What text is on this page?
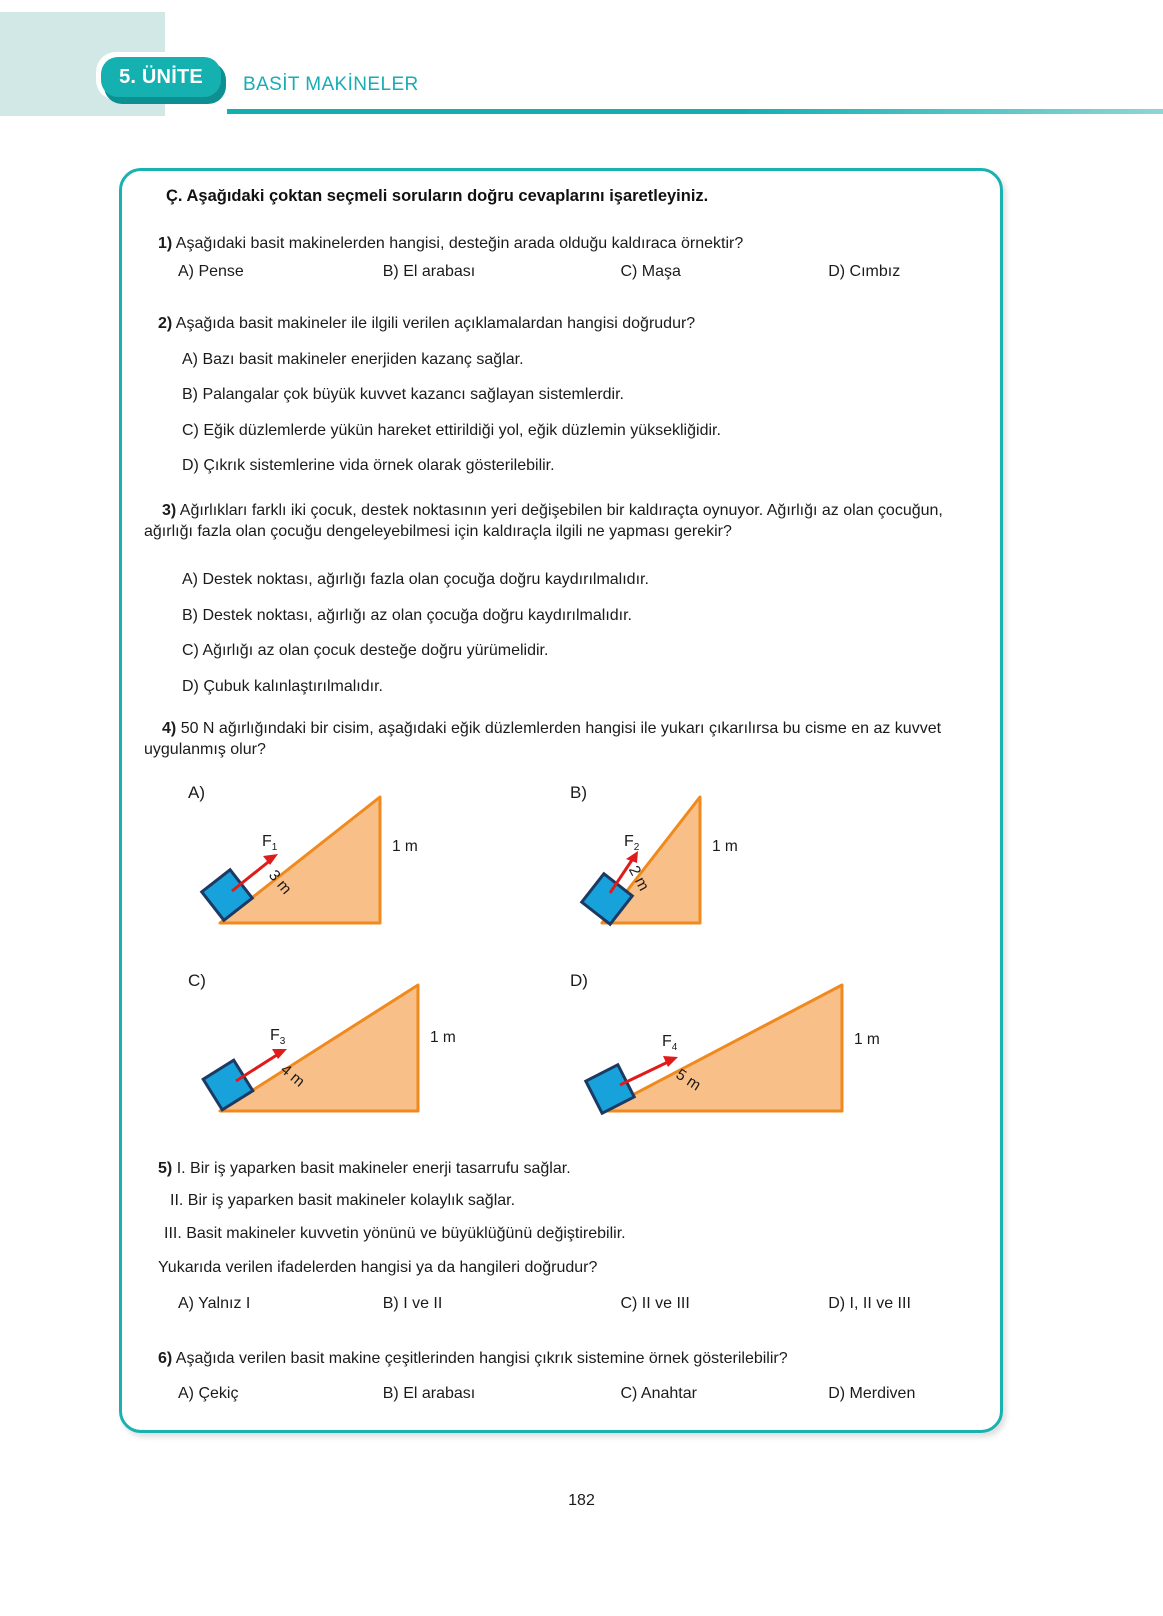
5. ÜNİTE BASİT MAKİNELER
Ç. Aşağıdaki çoktan seçmeli soruların doğru cevaplarını işaretleyiniz.
1) Aşağıdaki basit makinelerden hangisi, desteğin arada olduğu kaldıraca örnektir?
A) Pense	B) El arabası	C) Maşa	D) Cımbız
2) Aşağıda basit makineler ile ilgili verilen açıklamalardan hangisi doğrudur?
A) Bazı basit makineler enerjiden kazanç sağlar.
B) Palangalar çok büyük kuvvet kazancı sağlayan sistemlerdir.
C) Eğik düzlemlerde yükün hareket ettirildiği yol, eğik düzlemin yüksekliğidir.
D) Çıkrık sistemlerine vida örnek olarak gösterilebilir.
3) Ağırlıkları farklı iki çocuk, destek noktasının yeri değişebilen bir kaldıraçta oynuyor. Ağırlığı az olan çocuğun, ağırlığı fazla olan çocuğu dengeleyebilmesi için kaldıraçla ilgili ne yapması gerekir?
A) Destek noktası, ağırlığı fazla olan çocuğa doğru kaydırılmalıdır.
B) Destek noktası, ağırlığı az olan çocuğa doğru kaydırılmalıdır.
C) Ağırlığı az olan çocuk desteğe doğru yürümelidir.
D) Çubuk kalınlaştırılmalıdır.
4) 50 N ağırlığındaki bir cisim, aşağıdaki eğik düzlemlerden hangisi ile yukarı çıkarılırsa bu cisme en az kuvvet uygulanmış olur?
A)
$F_1$
3 m
1 m
B)
$F_2$
2 m
1 m
C)
$F_3$
4 m
1 m
D)
$F_4$
5 m
1 m
5) I. Bir iş yaparken basit makineler enerji tasarrufu sağlar.
II. Bir iş yaparken basit makineler kolaylık sağlar.
III. Basit makineler kuvvetin yönünü ve büyüklüğünü değiştirebilir.
Yukarıda verilen ifadelerden hangisi ya da hangileri doğrudur?
A) Yalnız I	B) I ve II	C) II ve III	D) I, II ve III
6) Aşağıda verilen basit makine çeşitlerinden hangisi çıkrık sistemine örnek gösterilebilir?
A) Çekiç	B) El arabası	C) Anahtar	D) Merdiven
182
